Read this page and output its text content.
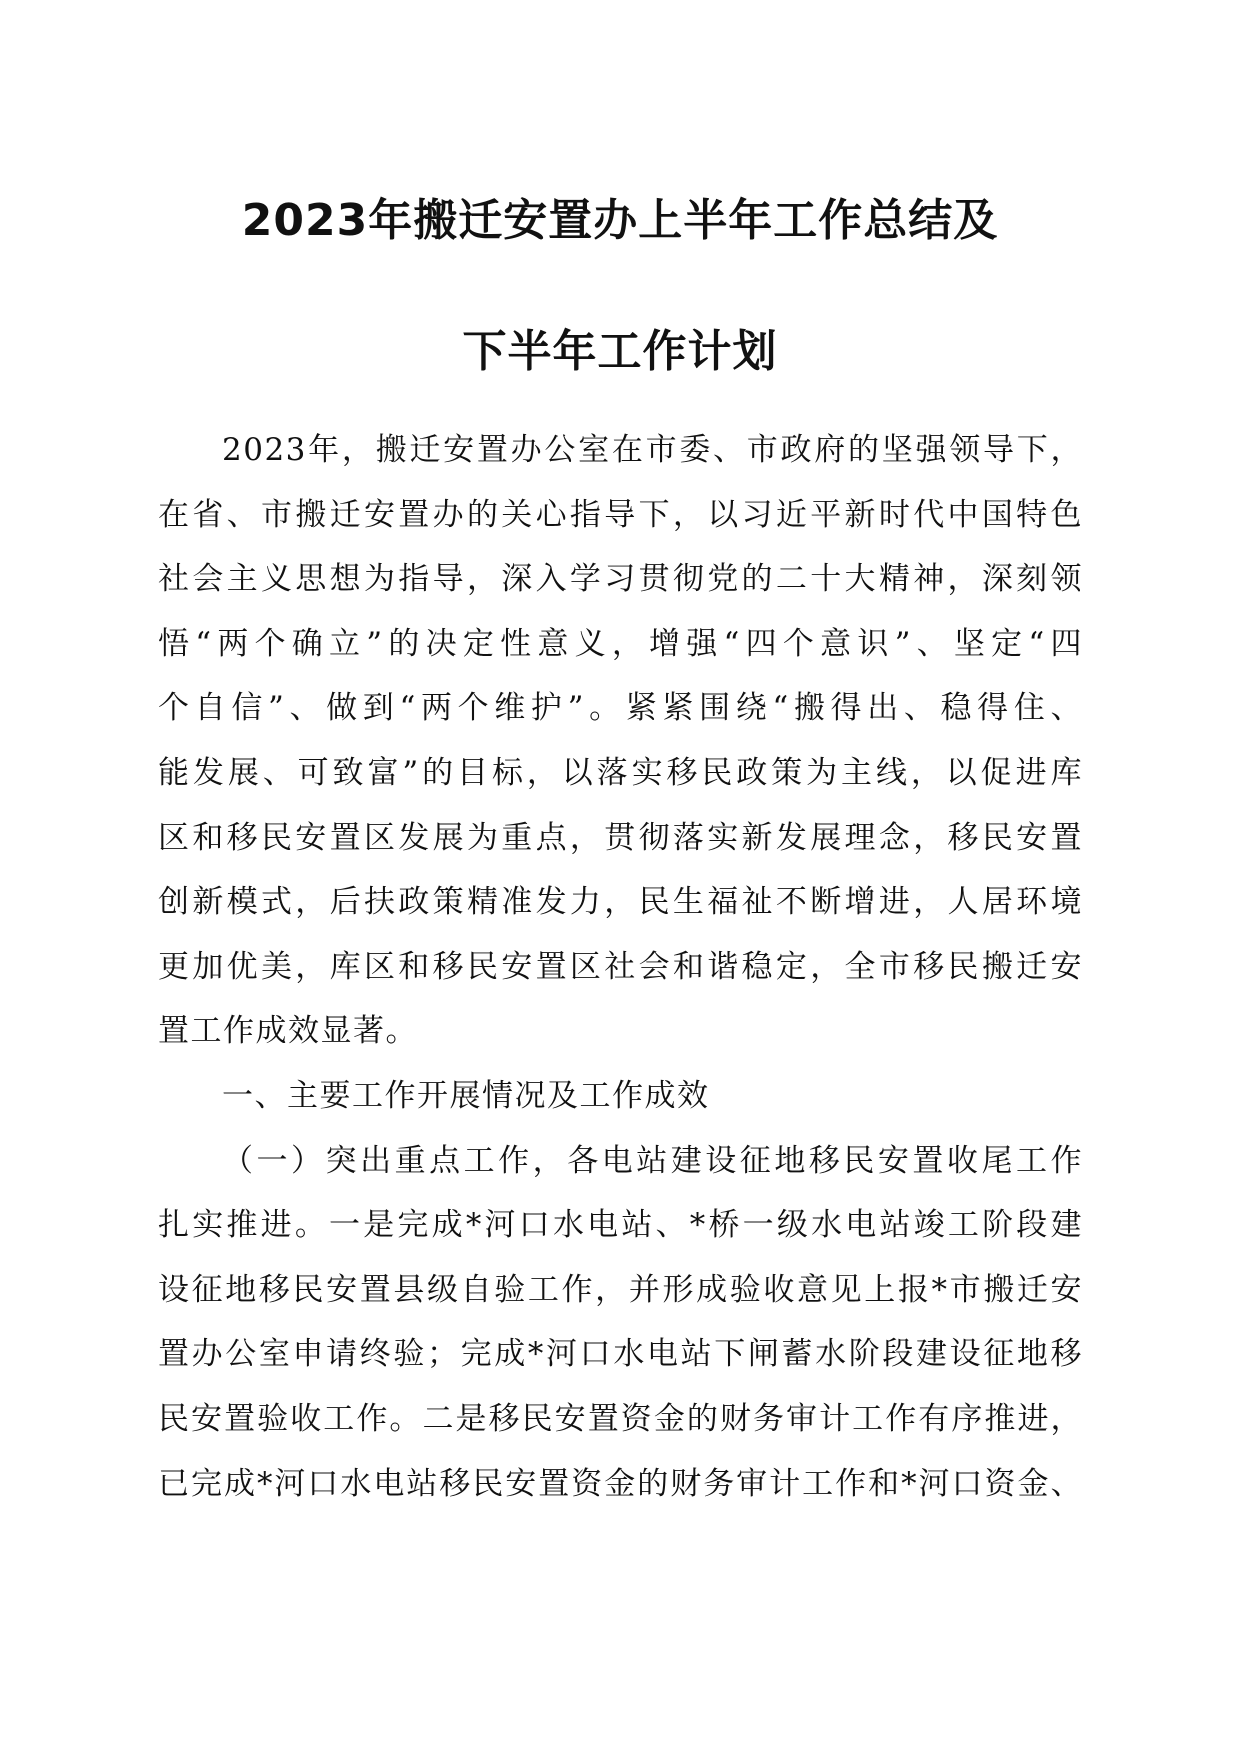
2023年搬迁安置办上半年工作总结及
下半年工作计划
2023年，搬迁安置办公室在市委、市政府的坚强领导下，
在省、市搬迁安置办的关心指导下，以习近平新时代中国特色
社会主义思想为指导，深入学习贯彻党的二十大精神，深刻领
悟“两个确立”的决定性意义，增强“四个意识”、坚定“四
个自信”、做到“两个维护”。紧紧围绕“搬得出、稳得住、
能发展、可致富”的目标，以落实移民政策为主线，以促进库
区和移民安置区发展为重点，贯彻落实新发展理念，移民安置
创新模式，后扶政策精准发力，民生福祉不断增进，人居环境
更加优美，库区和移民安置区社会和谐稳定，全市移民搬迁安
置工作成效显著。
一、主要工作开展情况及工作成效
（一）突出重点工作，各电站建设征地移民安置收尾工作
扎实推进。一是完成*河口水电站、*桥一级水电站竣工阶段建
设征地移民安置县级自验工作，并形成验收意见上报*市搬迁安
置办公室申请终验；完成*河口水电站下闸蓄水阶段建设征地移
民安置验收工作。二是移民安置资金的财务审计工作有序推进，
已完成*河口水电站移民安置资金的财务审计工作和*河口资金、
